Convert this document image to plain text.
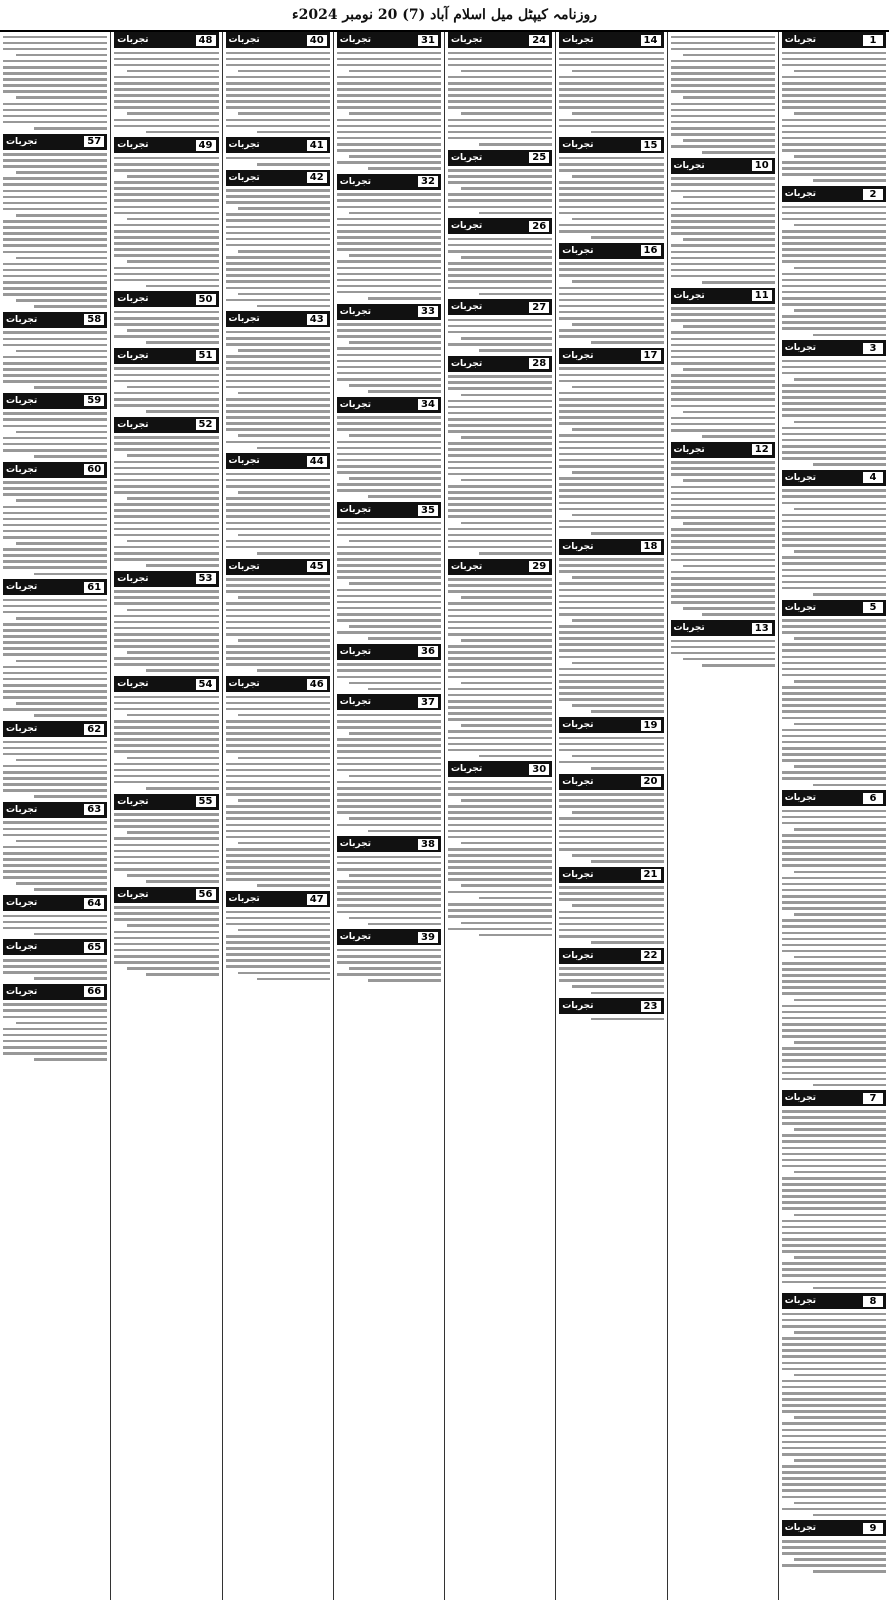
روزنامہ کیپٹل میل اسلام آباد (7) 20 نومبر 2024ء
1
تجربات
2
تجربات
3
تجربات
4
تجربات
5
تجربات
6
تجربات
7
تجربات
8
تجربات
9
تجربات
10
تجربات
11
تجربات
12
تجربات
13
تجربات
14
تجربات
15
تجربات
16
تجربات
17
تجربات
18
تجربات
19
تجربات
20
تجربات
21
تجربات
22
تجربات
23
تجربات
24
تجربات
25
تجربات
26
تجربات
27
تجربات
28
تجربات
29
تجربات
30
تجربات
31
تجربات
32
تجربات
33
تجربات
34
تجربات
35
تجربات
36
تجربات
37
تجربات
38
تجربات
39
تجربات
40
تجربات
41
تجربات
42
تجربات
43
تجربات
44
تجربات
45
تجربات
46
تجربات
47
تجربات
48
تجربات
49
تجربات
50
تجربات
51
تجربات
52
تجربات
53
تجربات
54
تجربات
55
تجربات
56
تجربات
57
تجربات
58
تجربات
59
تجربات
60
تجربات
61
تجربات
62
تجربات
63
تجربات
64
تجربات
65
تجربات
66
تجربات
